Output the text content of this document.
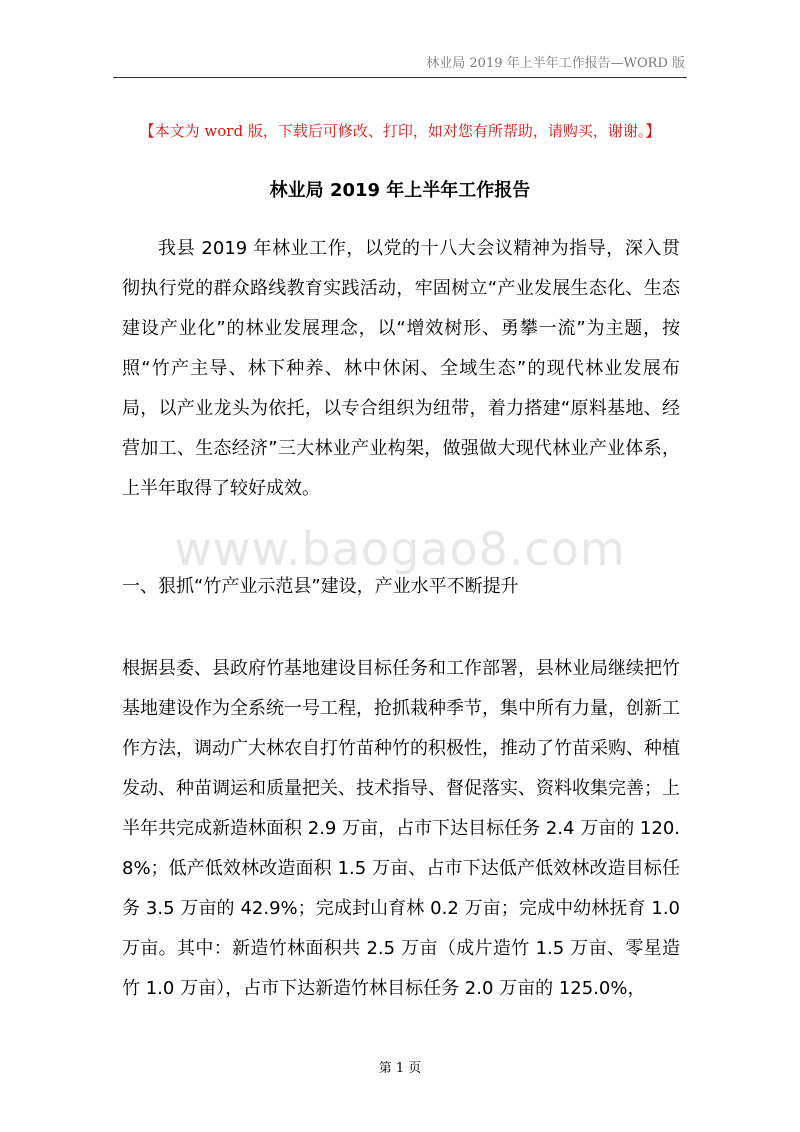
林业局 2019 年上半年工作报告—WORD 版
【本文为 word 版，下载后可修改、打印，如对您有所帮助，请购买，谢谢。】
林业局 2019 年上半年工作报告
我县 2019 年林业工作，以党的十八大会议精神为指导，深入贯彻执行党的群众路线教育实践活动，牢固树立“产业发展生态化、生态建设产业化”的林业发展理念，以“增效树形、勇攀一流”为主题，按照“竹产主导、林下种养、林中休闲、全域生态”的现代林业发展布局，以产业龙头为依托，以专合组织为纽带，着力搭建“原料基地、经营加工、生态经济”三大林业产业构架，做强做大现代林业产业体系，上半年取得了较好成效。
www.baogao8.com
一、狠抓“竹产业示范县”建设，产业水平不断提升
根据县委、县政府竹基地建设目标任务和工作部署，县林业局继续把竹基地建设作为全系统一号工程，抢抓栽种季节，集中所有力量，创新工作方法，调动广大林农自打竹苗种竹的积极性，推动了竹苗采购、种植发动、种苗调运和质量把关、技术指导、督促落实、资料收集完善；上半年共完成新造林面积 2.9 万亩，占市下达目标任务 2.4 万亩的 120.8%；低产低效林改造面积 1.5 万亩、占市下达低产低效林改造目标任务 3.5 万亩的 42.9%；完成封山育林 0.2 万亩；完成中幼林抚育 1.0 万亩。其中：新造竹林面积共 2.5 万亩（成片造竹 1.5 万亩、零星造竹 1.0 万亩），占市下达新造竹林目标任务 2.0 万亩的 125.0%，
第 1 页
